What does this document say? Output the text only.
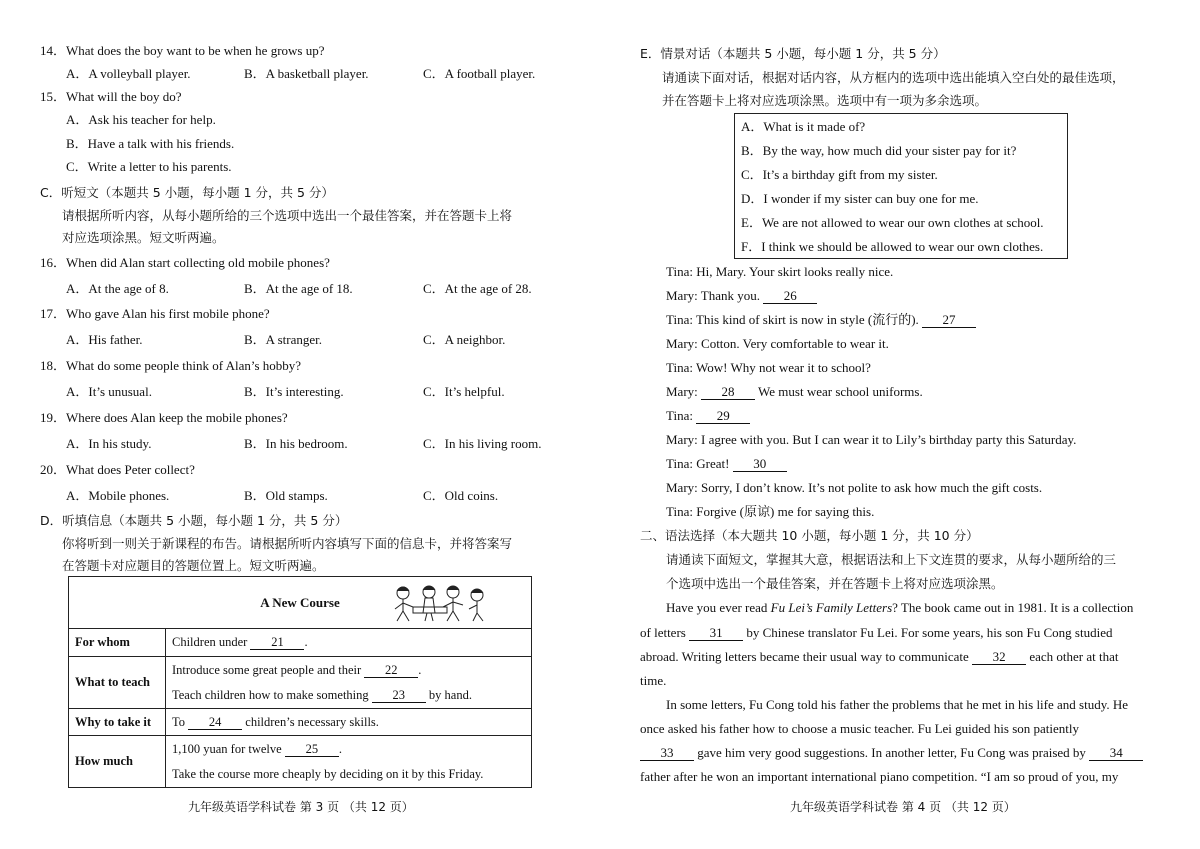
14．What does the boy want to be when he grows up?
A．A volleyball player.	B．A basketball player.	C．A football player.
15．What will the boy do?
A．Ask his teacher for help.
B．Have a talk with his friends.
C．Write a letter to his parents.
C．听短文（本题共 5 小题，每小题 1 分，共 5 分）
请根据所听内容，从每小题所给的三个选项中选出一个最佳答案，并在答题卡上将
对应选项涂黑。短文听两遍。
16．When did Alan start collecting old mobile phones?
A．At the age of 8.	B．At the age of 18.	C．At the age of 28.
17．Who gave Alan his first mobile phone?
A．His father.	B．A stranger.	C．A neighbor.
18．What do some people think of Alan’s hobby?
A．It’s unusual.	B．It’s interesting.	C．It’s helpful.
19．Where does Alan keep the mobile phones?
A．In his study.	B．In his bedroom.	C．In his living room.
20．What does Peter collect?
A．Mobile phones.	B．Old stamps.	C．Old coins.
D．听填信息（本题共 5 小题，每小题 1 分，共 5 分）
你将听到一则关于新课程的布告。请根据所听内容填写下面的信息卡，并将答案写
在答题卡对应题目的答题位置上。短文听两遍。
A New Course	

For whom	Children under 21 .
What to teach	Introduce some great people and their 22 .
Teach children how to make something 23 by hand.
Why to take it	To 24 children’s necessary skills.
How much	1,100 yuan for twelve 25 .
Take the course more cheaply by deciding on it by this Friday.
九年级英语学科试卷 第 3 页 （共 12 页）
E．情景对话（本题共 5 小题，每小题 1 分，共 5 分）
请通读下面对话，根据对话内容，从方框内的选项中选出能填入空白处的最佳选项，
并在答题卡上将对应选项涂黑。选项中有一项为多余选项。
A．What is it made of?
B．By the way, how much did your sister pay for it?
C．It’s a birthday gift from my sister.
D．I wonder if my sister can buy one for me.
E．We are not allowed to wear our own clothes at school.
F．I think we should be allowed to wear our own clothes.
Tina: Hi, Mary. Your skirt looks really nice.
Mary: Thank you. 26
Tina: This kind of skirt is now in style (流行的). 27
Mary: Cotton. Very comfortable to wear it.
Tina: Wow! Why not wear it to school?
Mary: 28 We must wear school uniforms.
Tina: 29
Mary: I agree with you. But I can wear it to Lily’s birthday party this Saturday.
Tina: Great! 30
Mary: Sorry, I don’t know. It’s not polite to ask how much the gift costs.
Tina: Forgive (原谅) me for saying this.
二、语法选择（本大题共 10 小题，每小题 1 分，共 10 分）
请通读下面短文，掌握其大意，根据语法和上下文连贯的要求，从每小题所给的三
个选项中选出一个最佳答案，并在答题卡上将对应选项涂黑。
Have you ever read Fu Lei’s Family Letters? The book came out in 1981. It is a collection
of letters 31 by Chinese translator Fu Lei. For some years, his son Fu Cong studied
abroad. Writing letters became their usual way to communicate 32 each other at that
time.
In some letters, Fu Cong told his father the problems that he met in his life and study. He
once asked his father how to choose a music teacher. Fu Lei guided his son patiently
33 gave him very good suggestions. In another letter, Fu Cong was praised by 34
father after he won an important international piano competition. “I am so proud of you, my
九年级英语学科试卷 第 4 页 （共 12 页）
